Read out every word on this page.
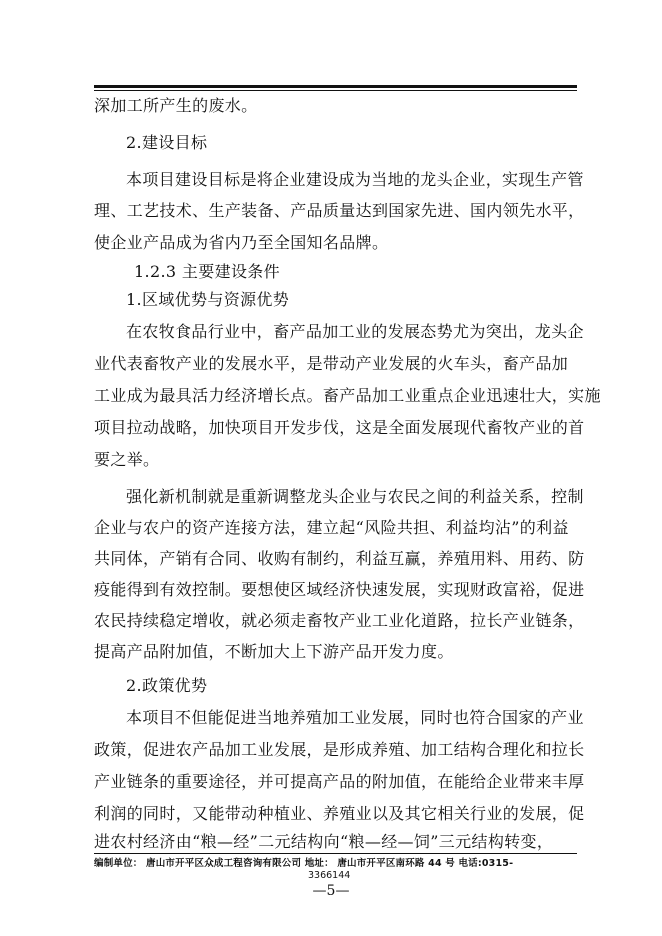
深加工所产生的废水。
2.建设目标
本项目建设目标是将企业建设成为当地的龙头企业，实现生产管
理、工艺技术、生产装备、产品质量达到国家先进、国内领先水平，
使企业产品成为省内乃至全国知名品牌。
1.2.3 主要建设条件
1.区域优势与资源优势
在农牧食品行业中，畜产品加工业的发展态势尤为突出，龙头企
业代表畜牧产业的发展水平，是带动产业发展的火车头，畜产品加
工业成为最具活力经济增长点。畜产品加工业重点企业迅速壮大，实施
项目拉动战略，加快项目开发步伐，这是全面发展现代畜牧产业的首
要之举。
强化新机制就是重新调整龙头企业与农民之间的利益关系，控制
企业与农户的资产连接方法，建立起“风险共担、利益均沾”的利益
共同体，产销有合同、收购有制约，利益互赢，养殖用料、用药、防
疫能得到有效控制。要想使区域经济快速发展，实现财政富裕，促进
农民持续稳定增收，就必须走畜牧产业工业化道路，拉长产业链条，
提高产品附加值，不断加大上下游产品开发力度。
2.政策优势
本项目不但能促进当地养殖加工业发展，同时也符合国家的产业
政策，促进农产品加工业发展，是形成养殖、加工结构合理化和拉长
产业链条的重要途径，并可提高产品的附加值，在能给企业带来丰厚
利润的同时，又能带动种植业、养殖业以及其它相关行业的发展，促
进农村经济由“粮—经”二元结构向“粮—经—饲”三元结构转变，
编制单位： 唐山市开平区众成工程咨询有限公司 地址： 唐山市开平区南环路 44 号 电话:0315-
3366144
—5—
